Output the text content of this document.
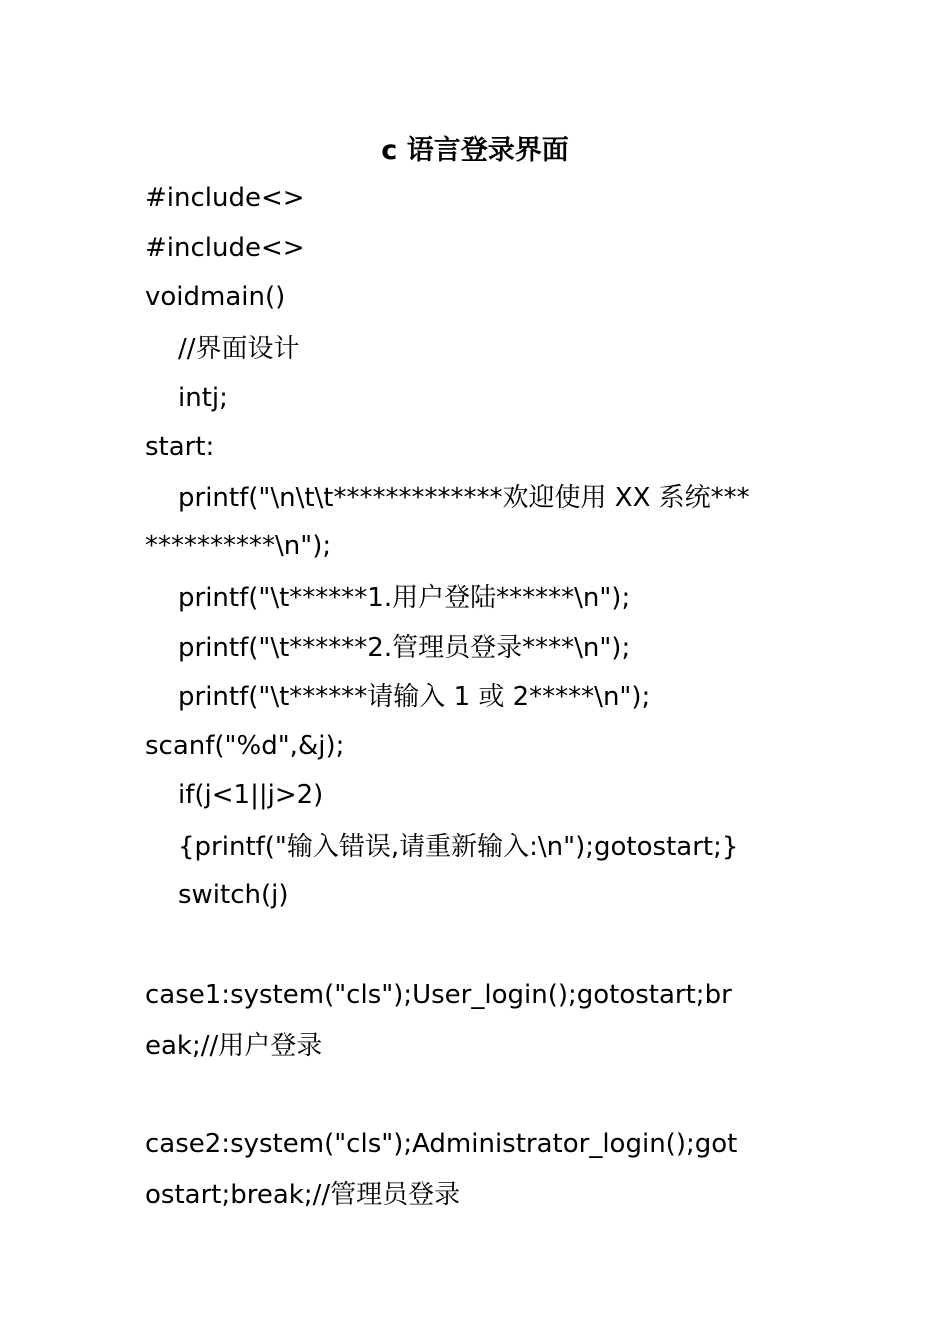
c 语言登录界面
#include<>
#include<>
voidmain()
//界面设计
intj;
start:
printf("\n\t\t*************欢迎使用 XX 系统***
**********\n");
printf("\t******1.用户登陆******\n");
printf("\t******2.管理员登录****\n");
printf("\t******请输入 1 或 2*****\n");
scanf("%d",&j);
if(j<1||j>2)
{printf("输入错误,请重新输入:\n");gotostart;}
switch(j)
case1:system("cls");User_login();gotostart;br
eak;//用户登录
case2:system("cls");Administrator_login();got
ostart;break;//管理员登录
